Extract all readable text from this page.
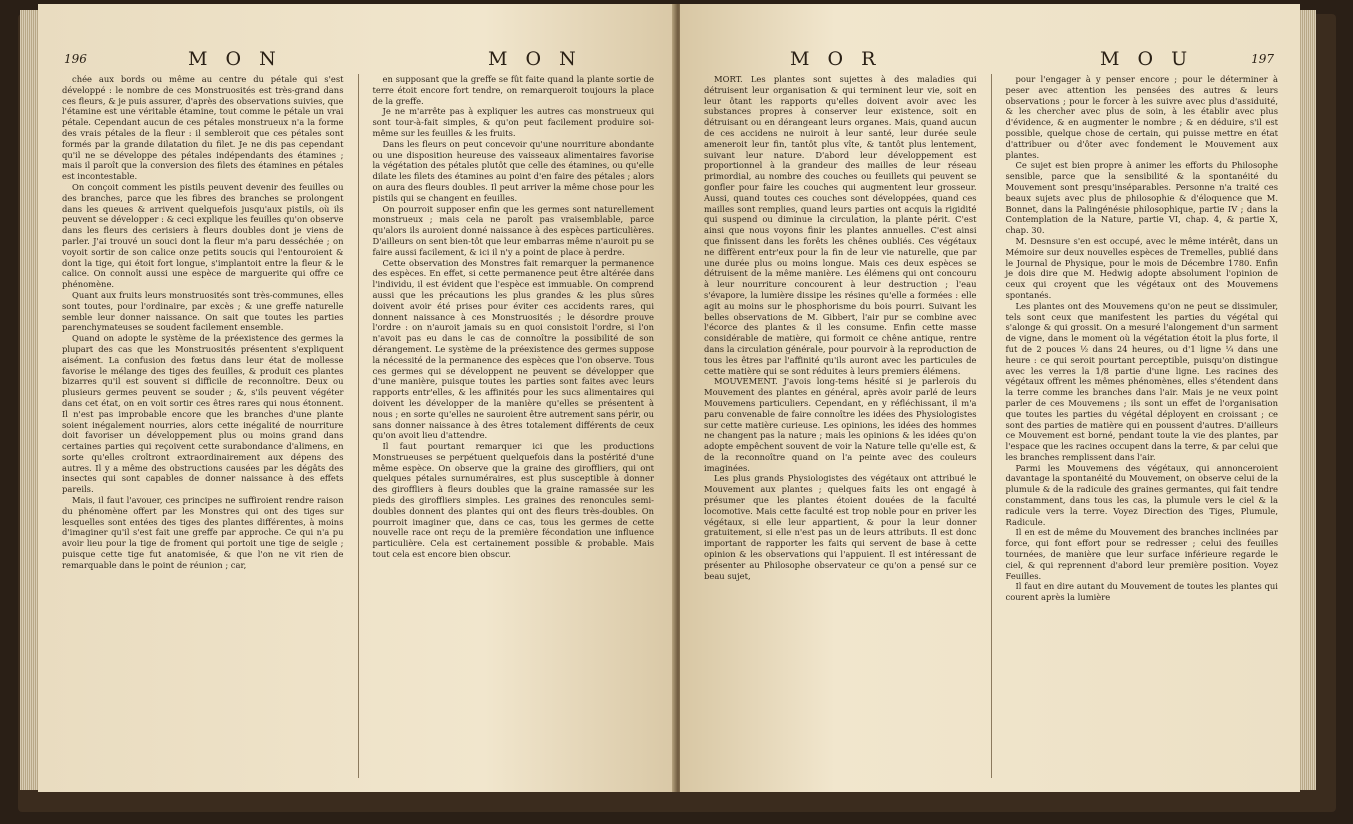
196	M O N	M O N

chée aux bords ou même au centre du pétale qui s'est développé : le nombre de ces Monstruosités est très-grand dans ces fleurs, & je puis assurer, d'après des observations suivies, que l'étamine est une véritable étamine, tout comme le pétale un vrai pétale. Cependant aucun de ces pétales monstrueux n'a la forme des vrais pétales de la fleur : il sembleroit que ces pétales sont formés par la grande dilatation du filet. Je ne dis pas cependant qu'il ne se développe des pétales indépendants des étamines ; mais il paroît que la conversion des filets des étamines en pétales est incontestable.

On conçoit comment les pistils peuvent devenir des feuilles ou des branches, parce que les fibres des branches se prolongent dans les queues & arrivent quelquefois jusqu'aux pistils, où ils peuvent se développer : & ceci explique les feuilles qu'on observe dans les fleurs des cerisiers à fleurs doubles dont je viens de parler. J'ai trouvé un souci dont la fleur m'a paru desséchée ; on voyoit sortir de son calice onze petits soucis qui l'entouroient & dont la tige, qui étoit fort longue, s'implantoit entre la fleur & le calice. On connoît aussi une espèce de marguerite qui offre ce phénomène.

Quant aux fruits leurs monstruosités sont très-communes, elles sont toutes, pour l'ordinaire, par excès ; & une greffe naturelle semble leur donner naissance. On sait que toutes les parties parenchymateuses se soudent facilement ensemble.

Quand on adopte le système de la préexistence des germes la plupart des cas que les Monstruosités présentent s'expliquent aisément. La confusion des fœtus dans leur état de mollesse favorise le mélange des tiges des feuilles, & produit ces plantes bizarres qu'il est souvent si difficile de reconnoître. Deux ou plusieurs germes peuvent se souder ; &, s'ils peuvent végéter dans cet état, on en voit sortir ces êtres rares qui nous étonnent. Il n'est pas improbable encore que les branches d'une plante soient inégalement nourries, alors cette inégalité de nourriture doit favoriser un développement plus ou moins grand dans certaines parties qui reçoivent cette surabondance d'alimens, en sorte qu'elles croîtront extraordinairement aux dépens des autres. Il y a même des obstructions causées par les dégâts des insectes qui sont capables de donner naissance à des effets pareils.

Mais, il faut l'avouer, ces principes ne suffiroient rendre raison du phénomène offert par les Monstres qui ont des tiges sur lesquelles sont entées des tiges des plantes différentes, à moins d'imaginer qu'il s'est fait une greffe par approche. Ce qui n'a pu avoir lieu pour la tige de froment qui portoit une tige de seigle ; puisque cette tige fut anatomisée, & que l'on ne vit rien de remarquable dans le point de réunion ; car,

en supposant que la greffe se fût faite quand la plante sortie de terre étoit encore fort tendre, on remarqueroit toujours la place de la greffe.

Je ne m'arrête pas à expliquer les autres cas monstrueux qui sont tour-à-fait simples, & qu'on peut facilement produire soi-même sur les feuilles & les fruits.

Dans les fleurs on peut concevoir qu'une nourriture abondante ou une disposition heureuse des vaisseaux alimentaires favorise la végétation des pétales plutôt que celle des étamines, ou qu'elle dilate les filets des étamines au point d'en faire des pétales ; alors on aura des fleurs doubles. Il peut arriver la même chose pour les pistils qui se changent en feuilles.

On pourroit supposer enfin que les germes sont naturellement monstrueux ; mais cela ne paroît pas vraisemblable, parce qu'alors ils auroient donné naissance à des espèces particulières. D'ailleurs on sent bien-tôt que leur embarras même n'auroit pu se faire aussi facilement, & ici il n'y a point de place à perdre.

Cette observation des Monstres fait remarquer la permanence des espèces. En effet, si cette permanence peut être altérée dans l'individu, il est évident que l'espèce est immuable. On comprend aussi que les précautions les plus grandes & les plus sûres doivent avoir été prises pour éviter ces accidents rares, qui donnent naissance à ces Monstruosités ; le désordre prouve l'ordre : on n'auroit jamais su en quoi consistoit l'ordre, si l'on n'avoit pas eu dans le cas de connoître la possibilité de son dérangement. Le système de la préexistence des germes suppose la nécessité de la permanence des espèces que l'on observe. Tous ces germes qui se développent ne peuvent se développer que d'une manière, puisque toutes les parties sont faites avec leurs rapports entr'elles, & les affinités pour les sucs alimentaires qui doivent les développer de la manière qu'elles se présentent à nous ; en sorte qu'elles ne sauroient être autrement sans périr, ou sans donner naissance à des êtres totalement différents de ceux qu'on avoit lieu d'attendre.

Il faut pourtant remarquer ici que les productions Monstrueuses se perpétuent quelquefois dans la postérité d'une même espèce. On observe que la graine des giroffliers, qui ont quelques pétales surnuméraires, est plus susceptible à donner des giroffliers à fleurs doubles que la graine ramassée sur les pieds des giroffliers simples. Les graines des renoncules semi-doubles donnent des plantes qui ont des fleurs très-doubles. On pourroit imaginer que, dans ce cas, tous les germes de cette nouvelle race ont reçu de la première fécondation une influence particulière. Cela est certainement possible & probable. Mais tout cela est encore bien obscur.

M O R	M O U	197

MORT. Les plantes sont sujettes à des maladies qui détruisent leur organisation & qui terminent leur vie, soit en leur ôtant les rapports qu'elles doivent avoir avec les substances propres à conserver leur existence, soit en détruisant ou en dérangeant leurs organes. Mais, quand aucun de ces accidens ne nuiroit à leur santé, leur durée seule ameneroit leur fin, tantôt plus vîte, & tantôt plus lentement, suivant leur nature. D'abord leur développement est proportionnel à la grandeur des mailles de leur réseau primordial, au nombre des couches ou feuillets qui peuvent se gonfler pour faire les couches qui augmentent leur grosseur. Aussi, quand toutes ces couches sont développées, quand ces mailles sont remplies, quand leurs parties ont acquis la rigidité qui suspend ou diminue la circulation, la plante périt. C'est ainsi que nous voyons finir les plantes annuelles. C'est ainsi que finissent dans les forêts les chênes oubliés. Ces végétaux ne diffèrent entr'eux pour la fin de leur vie naturelle, que par une durée plus ou moins longue. Mais ces deux espèces se détruisent de la même manière. Les élémens qui ont concouru à leur nourriture concourent à leur destruction ; l'eau s'évapore, la lumière dissipe les résines qu'elle a formées : elle agit au moins sur le phosphorisme du bois pourri. Suivant les belles observations de M. Gibbert, l'air pur se combine avec l'écorce des plantes & il les consume. Enfin cette masse considérable de matière, qui formoit ce chêne antique, rentre dans la circulation générale, pour pourvoir à la reproduction de tous les êtres par l'affinité qu'ils auront avec les particules de cette matière qui se sont réduites à leurs premiers élémens.

MOUVEMENT. J'avois long-tems hésité si je parlerois du Mouvement des plantes en général, après avoir parlé de leurs Mouvemens particuliers. Cependant, en y réfléchissant, il m'a paru convenable de faire connoître les idées des Physiologistes sur cette matière curieuse. Les opinions, les idées des hommes ne changent pas la nature ; mais les opinions & les idées qu'on adopte empêchent souvent de voir la Nature telle qu'elle est, & de la reconnoître quand on l'a peinte avec des couleurs imaginées.

Les plus grands Physiologistes des végétaux ont attribué le Mouvement aux plantes ; quelques faits les ont engagé à présumer que les plantes étoient douées de la faculté locomotive. Mais cette faculté est trop noble pour en priver les végétaux, si elle leur appartient, & pour la leur donner gratuitement, si elle n'est pas un de leurs attributs. Il est donc important de rapporter les faits qui servent de base à cette opinion & les observations qui l'appuient. Il est intéressant de présenter au Philosophe observateur ce qu'on a pensé sur ce beau sujet,

pour l'engager à y penser encore ; pour le déterminer à peser avec attention les pensées des autres & leurs observations ; pour le forcer à les suivre avec plus d'assiduité, & les chercher avec plus de soin, à les établir avec plus d'évidence, & en augmenter le nombre ; & en déduire, s'il est possible, quelque chose de certain, qui puisse mettre en état d'attribuer ou d'ôter avec fondement le Mouvement aux plantes.

Ce sujet est bien propre à animer les efforts du Philosophe sensible, parce que la sensibilité & la spontanéité du Mouvement sont presqu'inséparables. Personne n'a traité ces beaux sujets avec plus de philosophie & d'éloquence que M. Bonnet, dans la Palingénésie philosophique, partie IV ; dans la Contemplation de la Nature, partie VI, chap. 4, & partie X, chap. 30.

M. Desnsure s'en est occupé, avec le même intérêt, dans un Mémoire sur deux nouvelles espèces de Tremelles, publié dans le Journal de Physique, pour le mois de Décembre 1780. Enfin je dois dire que M. Hedwig adopte absolument l'opinion de ceux qui croyent que les végétaux ont des Mouvemens spontanés.

Les plantes ont des Mouvemens qu'on ne peut se dissimuler, tels sont ceux que manifestent les parties du végétal qui s'alonge & qui grossit. On a mesuré l'alongement d'un sarment de vigne, dans le moment où la végétation étoit la plus forte, il fut de 2 pouces ½ dans 24 heures, ou d'1 ligne ¼ dans une heure : ce qui seroit pourtant perceptible, puisqu'on distingue avec les verres la 1/8 partie d'une ligne. Les racines des végétaux offrent les mêmes phénomènes, elles s'étendent dans la terre comme les branches dans l'air. Mais je ne veux point parler de ces Mouvemens ; ils sont un effet de l'organisation que toutes les parties du végétal déployent en croissant ; ce sont des parties de matière qui en poussent d'autres. D'ailleurs ce Mouvement est borné, pendant toute la vie des plantes, par l'espace que les racines occupent dans la terre, & par celui que les branches remplissent dans l'air.

Parmi les Mouvemens des végétaux, qui annonceroient davantage la spontanéité du Mouvement, on observe celui de la plumule & de la radicule des graines germantes, qui fait tendre constamment, dans tous les cas, la plumule vers le ciel & la radicule vers la terre. Voyez Direction des Tiges, Plumule, Radicule.

Il en est de même du Mouvement des branches inclinées par force, qui font effort pour se redresser ; celui des feuilles tournées, de manière que leur surface inférieure regarde le ciel, & qui reprennent d'abord leur première position. Voyez Feuilles.

Il faut en dire autant du Mouvement de toutes les plantes qui courent après la lumière
